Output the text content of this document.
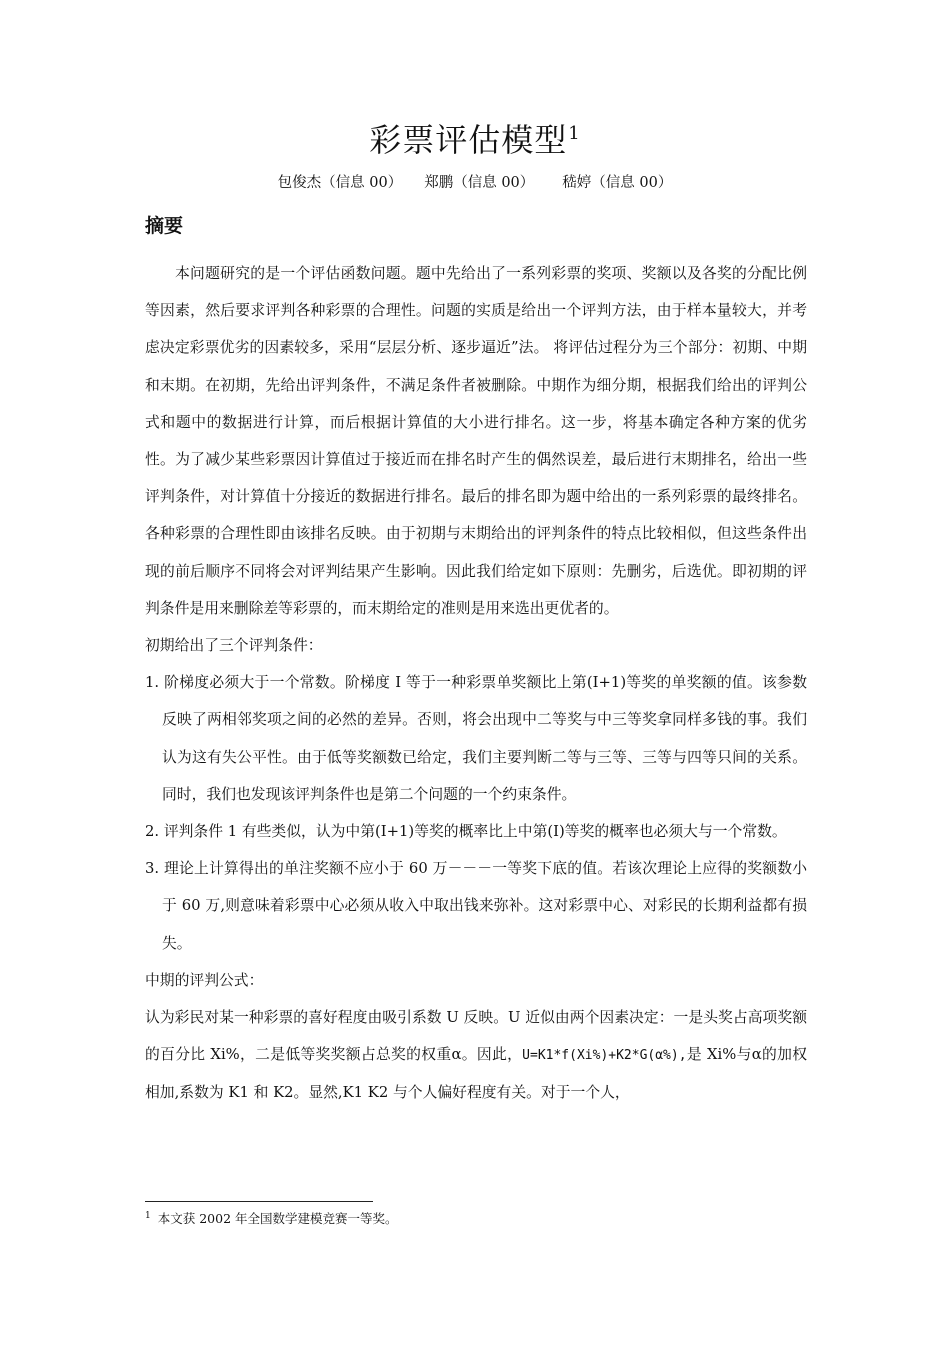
彩票评估模型$^1$
包俊杰（信息 00） 郑鹏（信息 00） 嵇婷（信息 00）
摘要

本问题研究的是一个评估函数问题。题中先给出了一系列彩票的奖项、奖额以及各奖的分配比例等因素，然后要求评判各种彩票的合理性。问题的实质是给出一个评判方法，由于样本量较大，并考虑决定彩票优劣的因素较多，采用“层层分析、逐步逼近”法。 将评估过程分为三个部分：初期、中期和末期。在初期，先给出评判条件，不满足条件者被删除。中期作为细分期，根据我们给出的评判公式和题中的数据进行计算，而后根据计算值的大小进行排名。这一步，将基本确定各种方案的优劣性。为了减少某些彩票因计算值过于接近而在排名时产生的偶然误差，最后进行末期排名，给出一些评判条件，对计算值十分接近的数据进行排名。最后的排名即为题中给出的一系列彩票的最终排名。各种彩票的合理性即由该排名反映。由于初期与末期给出的评判条件的特点比较相似，但这些条件出现的前后顺序不同将会对评判结果产生影响。因此我们给定如下原则：先删劣，后选优。即初期的评判条件是用来删除差等彩票的，而末期给定的准则是用来选出更优者的。

初期给出了三个评判条件：

1. 阶梯度必须大于一个常数。阶梯度 I 等于一种彩票单奖额比上第(I+1)等奖的单奖额的值。该参数反映了两相邻奖项之间的必然的差异。否则，将会出现中二等奖与中三等奖拿同样多钱的事。我们认为这有失公平性。由于低等奖额数已给定，我们主要判断二等与三等、三等与四等只间的关系。同时，我们也发现该评判条件也是第二个问题的一个约束条件。

2. 评判条件 1 有些类似，认为中第(I+1)等奖的概率比上中第(I)等奖的概率也必须大与一个常数。

3. 理论上计算得出的单注奖额不应小于 60 万－－－一等奖下底的值。若该次理论上应得的奖额数小于 60 万,则意味着彩票中心必须从收入中取出钱来弥补。这对彩票中心、对彩民的长期利益都有损失。

中期的评判公式：

认为彩民对某一种彩票的喜好程度由吸引系数 U 反映。U 近似由两个因素决定：一是头奖占高项奖额的百分比 Xi%，二是低等奖奖额占总奖的权重α。因此，U=K1*f(Xi%)+K2*G(α%),是 Xi%与α的加权相加,系数为 K1 和 K2。显然,K1 K2 与个人偏好程度有关。对于一个人，

$^1$ 本文获 2002 年全国数学建模竞赛一等奖。
